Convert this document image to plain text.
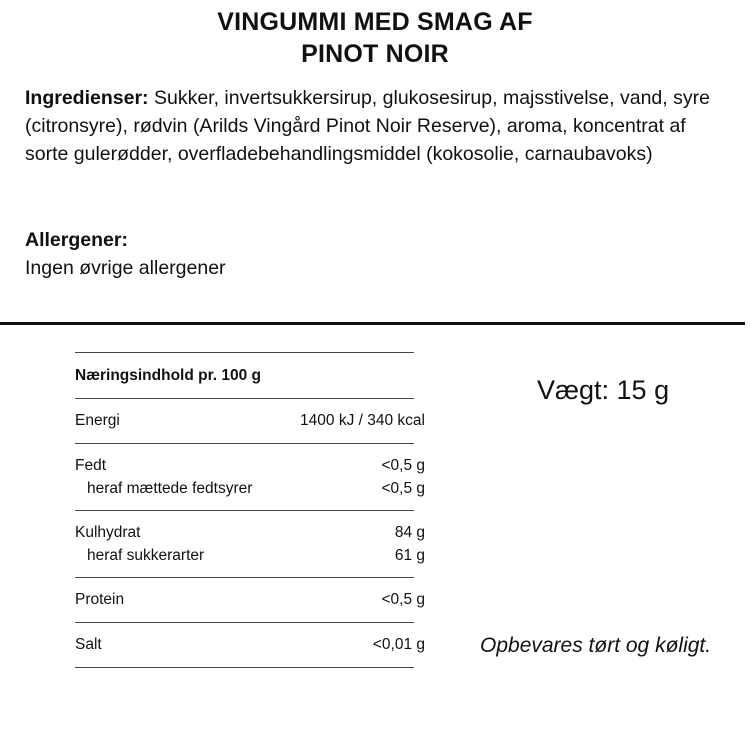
VINGUMMI MED SMAG AF
PINOT NOIR
Ingredienser: Sukker, invertsukkersirup, glukosesirup, majsstivelse, vand, syre (citronsyre), rødvin (Arilds Vingård Pinot Noir Reserve), aroma, koncentrat af sorte gulerødder, overfladebehandlingsmiddel (kokosolie, carnaubavoks)
Allergener:
Ingen øvrige allergener
Næringsindhold pr. 100 g
Energi	1400 kJ / 340 kcal
Fedt	<0,5 g
heraf mættede fedtsyrer	<0,5 g
Kulhydrat	84 g
heraf sukkerarter	61 g
Protein	<0,5 g
Salt	<0,01 g
Vægt: 15 g
Opbevares tørt og køligt.
